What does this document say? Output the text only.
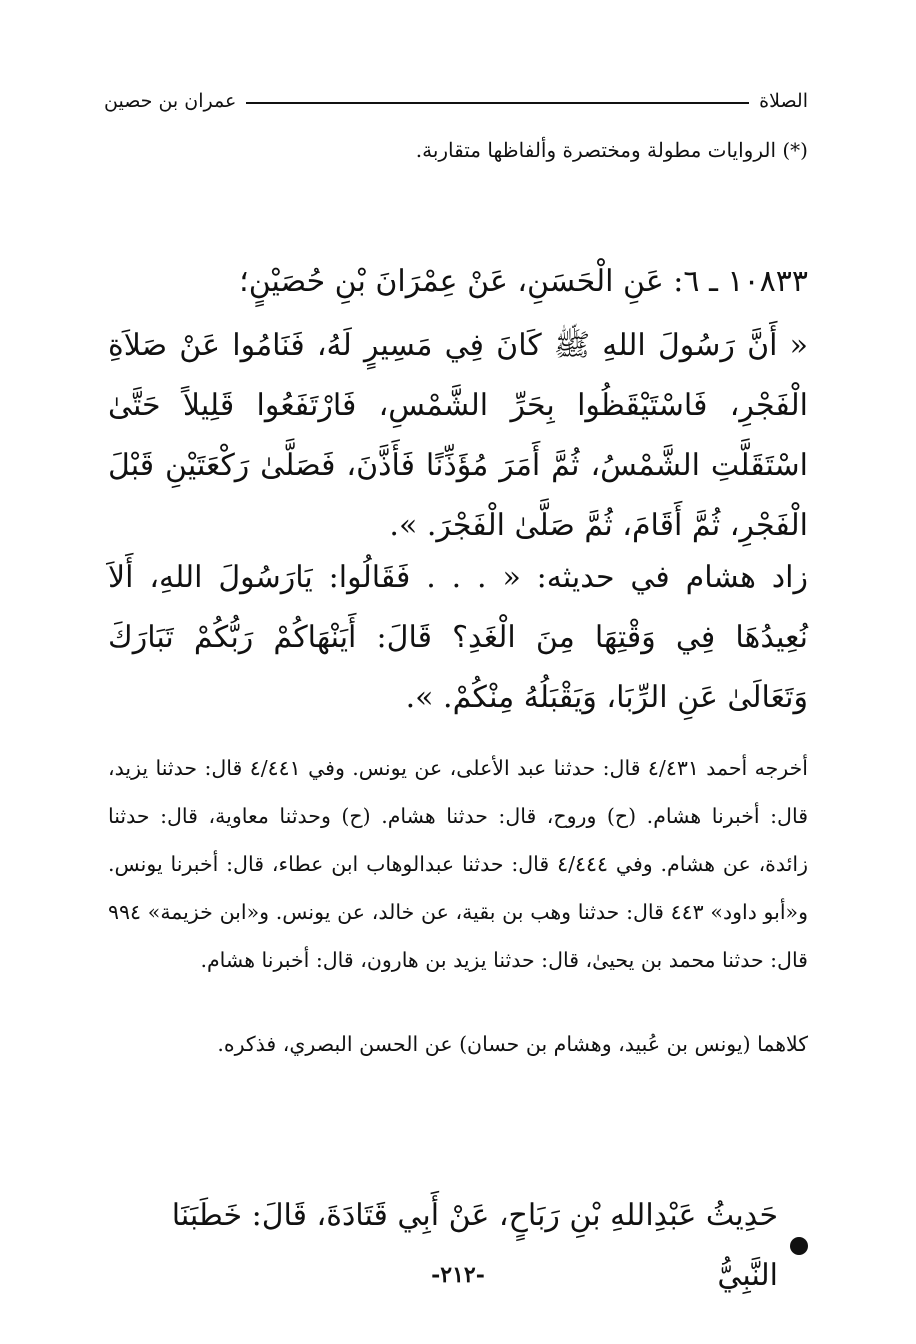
الصلاة
عمران بن حصين
(*) الروايات مطولة ومختصرة وألفاظها متقاربة.
١٠٨٣٣ ـ ٦: عَنِ الْحَسَنِ، عَنْ عِمْرَانَ بْنِ حُصَيْنٍ؛
« أَنَّ رَسُولَ اللهِ ﷺ كَانَ فِي مَسِيرٍ لَهُ، فَنَامُوا عَنْ صَلاَةِ الْفَجْرِ، فَاسْتَيْقَظُوا بِحَرِّ الشَّمْسِ، فَارْتَفَعُوا قَلِيلاً حَتَّىٰ اسْتَقَلَّتِ الشَّمْسُ، ثُمَّ أَمَرَ مُؤَذِّنًا فَأَذَّنَ، فَصَلَّىٰ رَكْعَتَيْنِ قَبْلَ الْفَجْرِ، ثُمَّ أَقَامَ، ثُمَّ صَلَّىٰ الْفَجْرَ. ».
زاد هشام في حديثه: « . . . فَقَالُوا: يَارَسُولَ اللهِ، أَلاَ نُعِيدُهَا فِي وَقْتِهَا مِنَ الْغَدِ؟ قَالَ: أَيَنْهَاكُمْ رَبُّكُمْ تَبَارَكَ وَتَعَالَىٰ عَنِ الرِّبَا، وَيَقْبَلُهُ مِنْكُمْ. ».
أخرجه أحمد ٤/٤٣١ قال: حدثنا عبد الأعلى، عن يونس. وفي ٤/٤٤١ قال: حدثنا يزيد، قال: أخبرنا هشام. (ح) وروح، قال: حدثنا هشام. (ح) وحدثنا معاوية، قال: حدثنا زائدة، عن هشام. وفي ٤/٤٤٤ قال: حدثنا عبدالوهاب ابن عطاء، قال: أخبرنا يونس. و«أبو داود» ٤٤٣ قال: حدثنا وهب بن بقية، عن خالد، عن يونس. و«ابن خزيمة» ٩٩٤ قال: حدثنا محمد بن يحيىٰ، قال: حدثنا يزيد بن هارون، قال: أخبرنا هشام.
كلاهما (يونس بن عُبيد، وهشام بن حسان) عن الحسن البصري، فذكره.
حَدِيثُ عَبْدِاللهِ بْنِ رَبَاحٍ، عَنْ أَبِي قَتَادَةَ، قَالَ: خَطَبَنَا النَّبِيُّ
-٢١٢-
